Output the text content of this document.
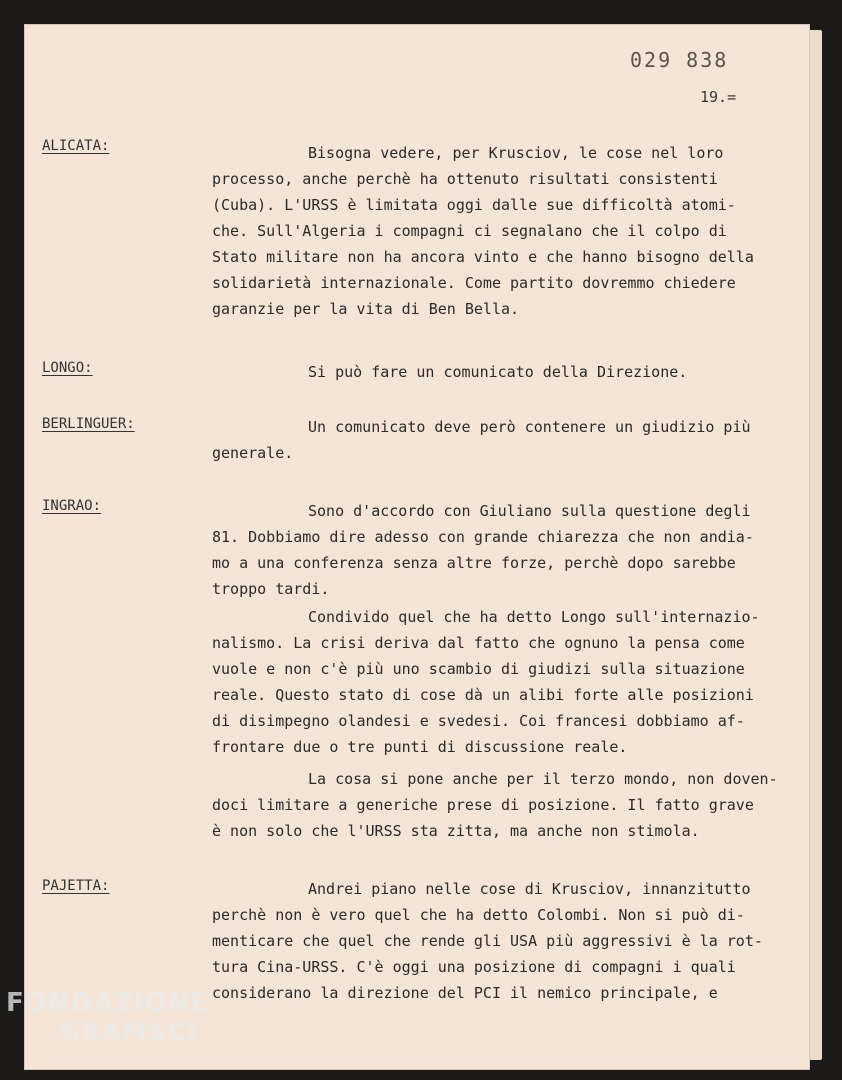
029 838
19.=
ALICATA:
LONGO:
BERLINGUER:
INGRAO:
PAJETTA:
Bisogna vedere, per Krusciov, le cose nel loro
processo, anche perchè ha ottenuto risultati consistenti
(Cuba). L'URSS è limitata oggi dalle sue difficoltà atomi-
che. Sull'Algeria i compagni ci segnalano che il colpo di
Stato militare non ha ancora vinto e che hanno bisogno della
solidarietà internazionale. Come partito dovremmo chiedere
garanzie per la vita di Ben Bella.
Si può fare un comunicato della Direzione.
Un comunicato deve però contenere un giudizio più
generale.
Sono d'accordo con Giuliano sulla questione degli
81. Dobbiamo dire adesso con grande chiarezza che non andia-
mo a una conferenza senza altre forze, perchè dopo sarebbe
troppo tardi.
Condivido quel che ha detto Longo sull'internazio-
nalismo. La crisi deriva dal fatto che ognuno la pensa come
vuole e non c'è più uno scambio di giudizi sulla situazione
reale. Questo stato di cose dà un alibi forte alle posizioni
di disimpegno olandesi e svedesi. Coi francesi dobbiamo af-
frontare due o tre punti di discussione reale.
La cosa si pone anche per il terzo mondo, non doven-
doci limitare a generiche prese di posizione. Il fatto grave
è non solo che l'URSS sta zitta, ma anche non stimola.
Andrei piano nelle cose di Krusciov, innanzitutto
perchè non è vero quel che ha detto Colombi. Non si può di-
menticare che quel che rende gli USA più aggressivi è la rot-
tura Cina-URSS. C'è oggi una posizione di compagni i quali
considerano la direzione del PCI il nemico principale, e
FONDAZIONE
GRAMSCI
